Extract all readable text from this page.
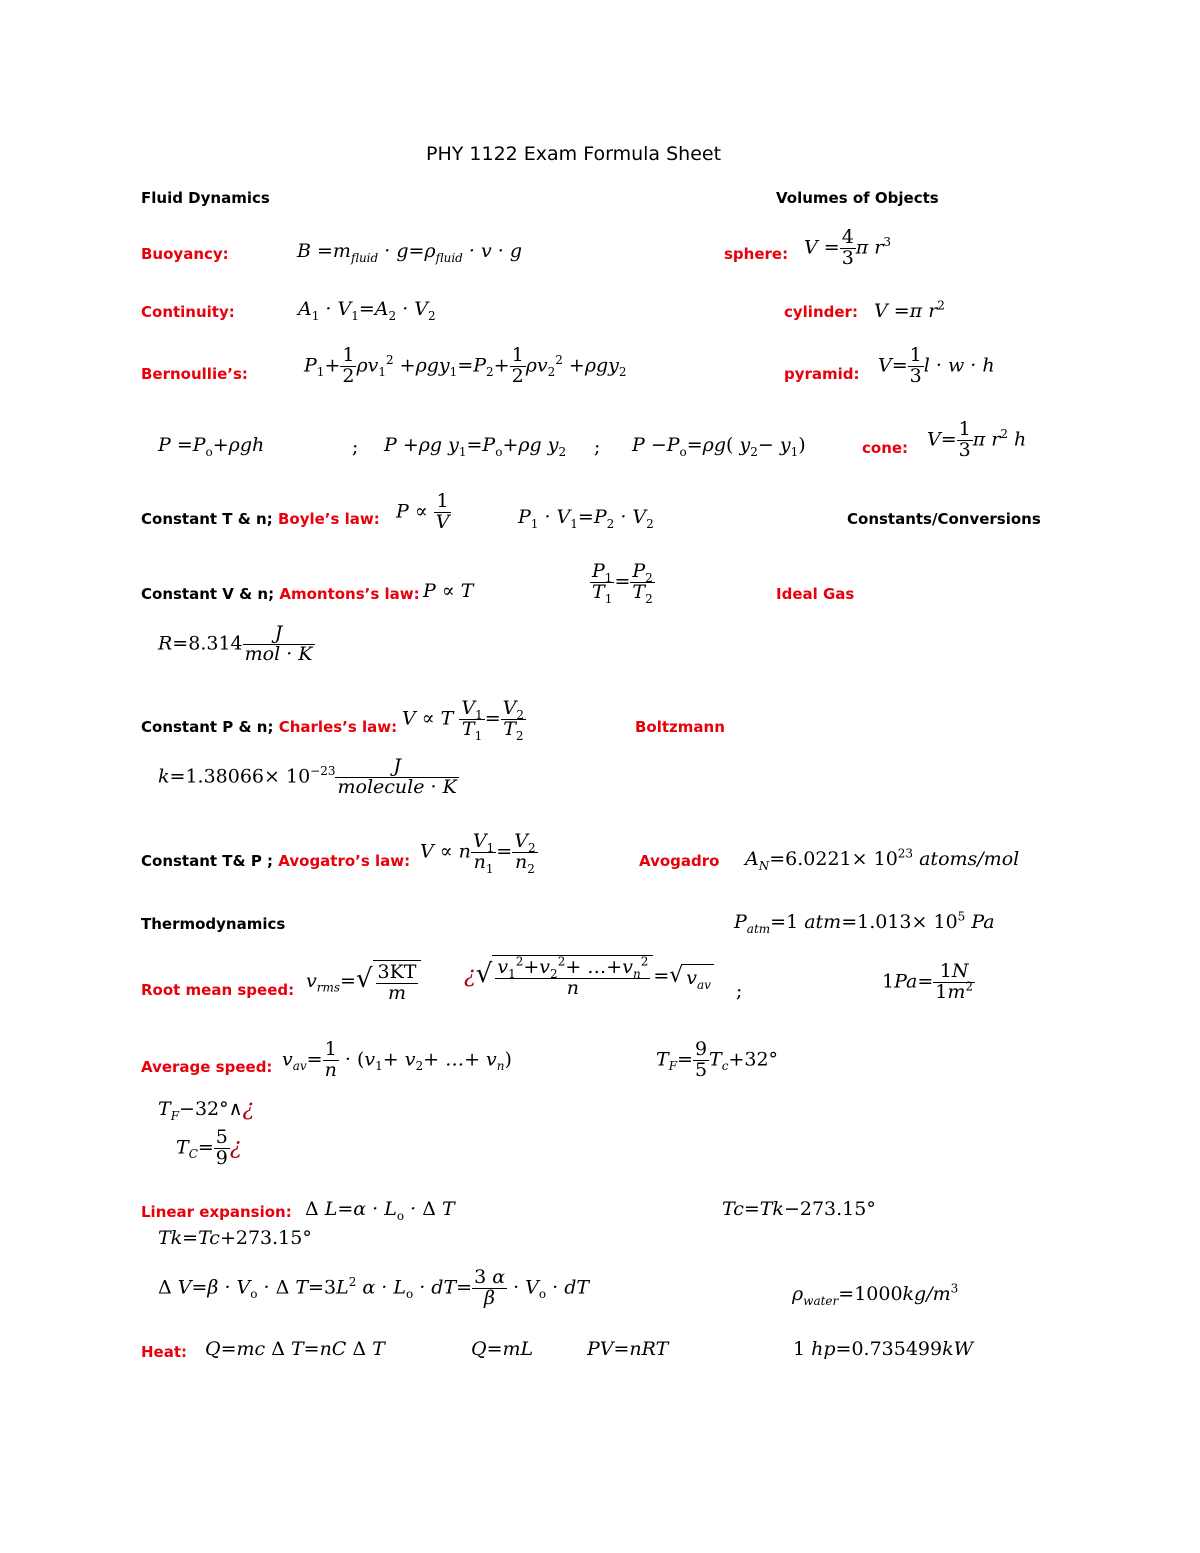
PHY 1122 Exam Formula Sheet
Fluid Dynamics	Volumes of Objects
Buoyancy:	$B =m_{fluid} \cdot g=\rho_{fluid} \cdot v \cdot g$	sphere: $V = \frac{4}{3}$ π $r^3$
Continuity:	$A_1 \cdot V_1=A_2 \cdot V_2$	cylinder: V =π $r^2$
Bernoullie’s:	$P_1+ \frac{1}{2} \rho v_1^2 +\rho gy_1=P_2+ \frac{1}{2} \rho v_2^2 +\rho gy_2$	pyramid: $V= \frac{1}{3}$ l · w · h
$P =P_o+\rho gh$	; P +ρg $y_1=P_o+\rho g$ $y_2$ ; $P -P_o=\rho g$( $y_2- y_1$)	cone: $V= \frac{1}{3}$ π $r^2$ h
Constant T & n; Boyle’s law: $P \propto \frac{1}{V}$	$P_1 \cdot V_1=P_2 \cdot V_2$	Constants/Conversions
Constant V & n; Amontons’s law: P ∝ T	$\frac{P_1}{T_1} = \frac{P_2}{T_2}$	Ideal Gas
$R=8.314 \frac{J}{\text{mol · K}}$
Constant P & n; Charles’s law: V ∝ T $\frac{V_1}{T_1} = \frac{V_2}{T_2}$	Boltzmann
$k=1.38066\times 10^{-23} \frac{J}{\text{molecule · K}}$
Constant T& P ; Avogatro’s law: V ∝ n $\frac{V_1}{n_1} = \frac{V_2}{n_2}$	Avogadro $A_N=6.0221\times 10^{23}$ atoms/mol
Thermodynamics	$P_{atm}=1$ $atm=1.013\times 10^5$ Pa
Root mean speed: $v_{rms}=√ \frac{3KT}{m}$ ¿√ $\frac{v_1^2+v_2^2+ \dots+v_n^2}{n}$ =√ $v_{av}$ ;	$1Pa= \frac{1N}{1m^2}$
Average speed: $v_{av}= \frac{1}{n} \cdot (v_1+ v_2+$ …+ $v_n$)	$T_F= \frac{9}{5} T_c+32^\circ$
$T_F-32^\circ\wedge¿$
$T_C= \frac{5}{9}$ ¿
Linear expansion: Δ $L=\alpha \cdot L_o \cdot \Delta$ T	Tc=Tk−273.15°
Tk=Tc+273.15°
Δ $V=\beta \cdot V_o \cdot \Delta$ $T=3L^2$ $\alpha \cdot L_o \cdot dT= \frac{3 \alpha}{\beta} \cdot V_o$ · dT	$\rho_{water}=1000kg/m^3$
Heat: Q=mc Δ T=nC Δ T	Q=mL	PV=nRT	1 hp=0.735499kW
